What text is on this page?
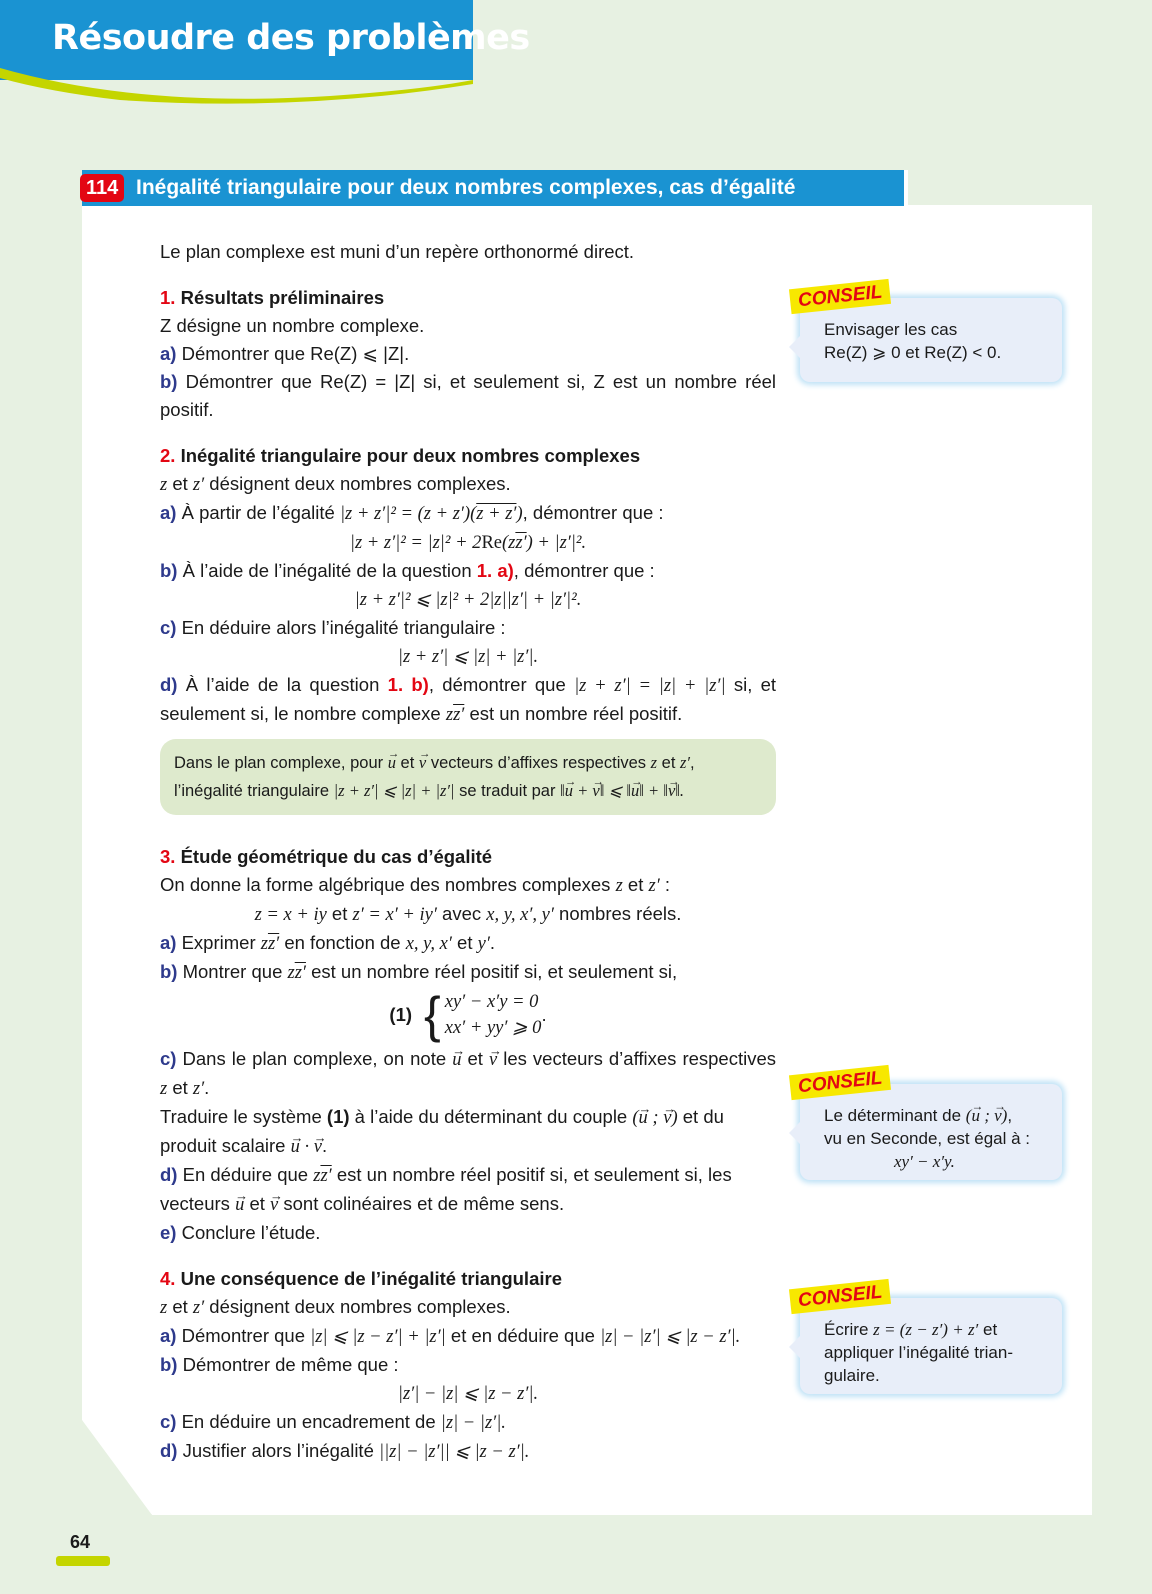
Résoudre des problèmes
114 Inégalité triangulaire pour deux nombres complexes, cas d’égalité

Le plan complexe est muni d’un repère orthonormé direct.

1. Résultats préliminaires

Z désigne un nombre complexe.

a) Démontrer que Re(Z) ⩽ |Z|.

b) Démontrer que Re(Z) = |Z| si, et seulement si, Z est un nombre réel positif.

2. Inégalité triangulaire pour deux nombres complexes

z et z′ désignent deux nombres complexes.

a) À partir de l’égalité |z + z′|² = (z + z′)(z + z′), démontrer que :

|z + z′|² = |z|² + 2Re(zz′) + |z′|².

b) À l’aide de l’inégalité de la question 1. a), démontrer que :

|z + z′|² ⩽ |z|² + 2|z||z′| + |z′|².

c) En déduire alors l’inégalité triangulaire :

|z + z′| ⩽ |z| + |z′|.

d) À l’aide de la question 1. b), démontrer que |z + z′| = |z| + |z′| si, et seulement si, le nombre complexe zz′ est un nombre réel positif.

Dans le plan complexe, pour → u et → v vecteurs d’affixes respectives z et z′,
l’inégalité triangulaire |z + z′| ⩽ |z| + |z′| se traduit par ‖→ u + → v‖ ⩽ ‖→ u‖ + ‖→ v‖.

3. Étude géométrique du cas d’égalité

On donne la forme algébrique des nombres complexes z et z′ :

z = x + iy et z′ = x′ + iy′ avec x, y, x′, y′ nombres réels.

a) Exprimer zz′ en fonction de x, y, x′ et y′.

b) Montrer que zz′ est un nombre réel positif si, et seulement si,

(1) { xy′ − x′y = 0
xx′ + yy′ ⩾ 0
.

c) Dans le plan complexe, on note → u et → v les vecteurs d’affixes respectives z et z′.

Traduire le système (1) à l’aide du déterminant du couple (→ u ; → v) et du

produit scalaire → u · → v.

d) En déduire que zz′ est un nombre réel positif si, et seulement si, les

vecteurs → u et → v sont colinéaires et de même sens.

e) Conclure l’étude.

4. Une conséquence de l’inégalité triangulaire

z et z′ désignent deux nombres complexes.

a) Démontrer que |z| ⩽ |z − z′| + |z′| et en déduire que |z| − |z′| ⩽ |z − z′|.

b) Démontrer de même que :

|z′| − |z| ⩽ |z − z′|.

c) En déduire un encadrement de |z| − |z′|.

d) Justifier alors l’inégalité ||z| − |z′|| ⩽ |z − z′|.

CONSEIL
Envisager les cas
Re(Z) ⩾ 0 et Re(Z) < 0.
CONSEIL
Le déterminant de (→ u ; → v),
vu en Seconde, est égal à :
xy′ − x′y.
CONSEIL
Écrire z = (z − z′) + z′ et
appliquer l’inégalité trian-
gulaire.
64
